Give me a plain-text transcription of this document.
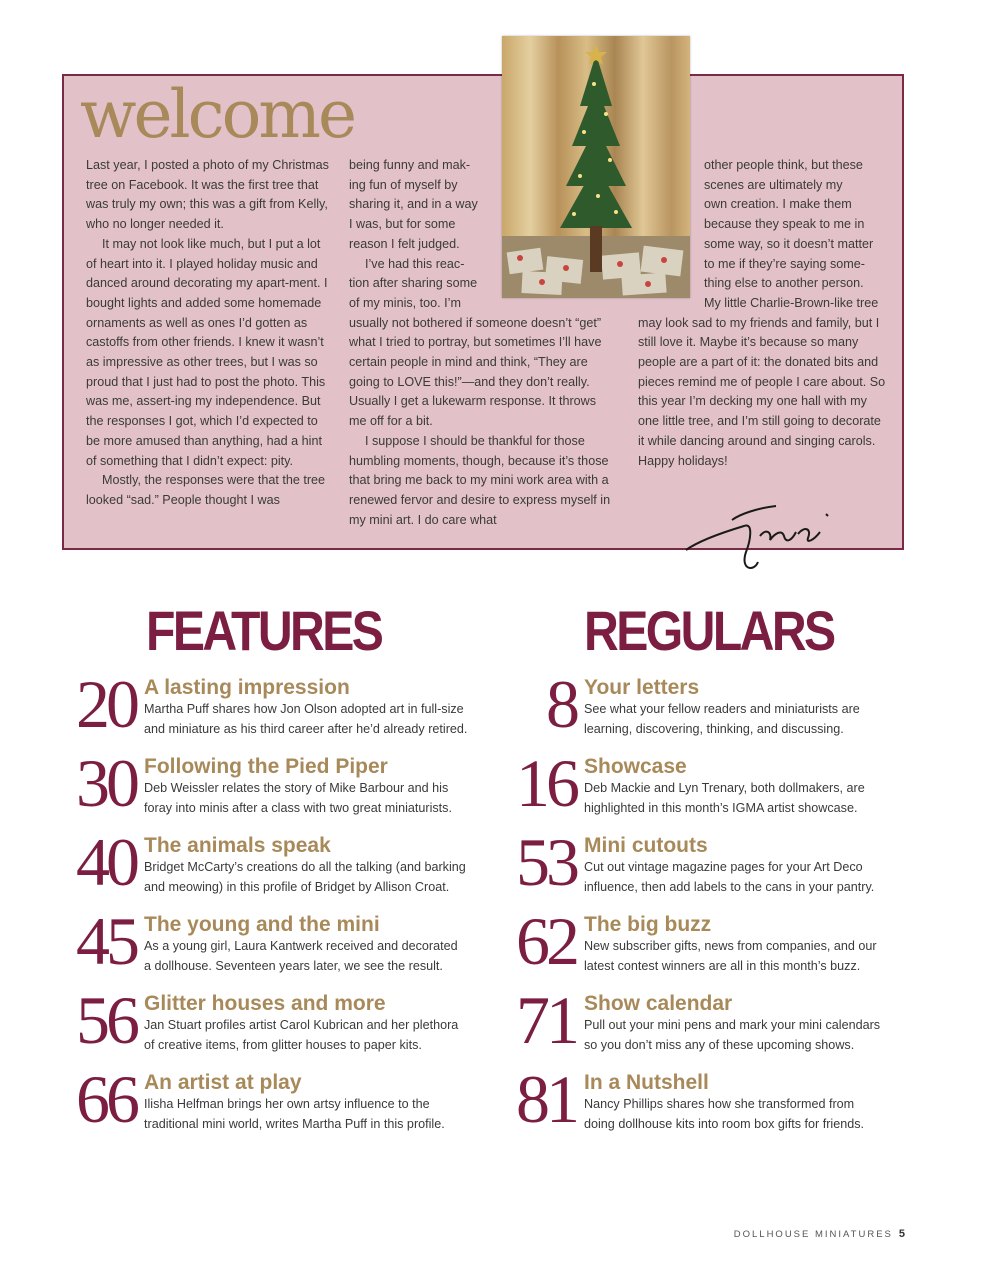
welcome

Last year, I posted a photo of my Christmas tree on Facebook. It was the first tree that was truly my own; this was a gift from Kelly, who no longer needed it.

It may not look like much, but I put a lot of heart into it. I played holiday music and danced around decorating my apart-ment. I bought lights and added some homemade ornaments as well as ones I’d gotten as castoffs from other friends. I knew it wasn’t as impressive as other trees, but I was so proud that I just had to post the photo. This was me, assert-ing my independence. But the responses I got, which I’d expected to be more amused than anything, had a hint of something that I didn’t expect: pity.

Mostly, the responses were that the tree looked “sad.” People thought I was

being funny and mak-
ing fun of myself by
sharing it, and in a way
I was, but for some
reason I felt judged.
I’ve had this reac-
tion after sharing some
of my minis, too. I’m

usually not bothered if someone doesn’t “get” what I tried to portray, but sometimes I’ll have certain people in mind and think, “They are going to LOVE this!”—and they don’t really. Usually I get a lukewarm response. It throws me off for a bit.

I suppose I should be thankful for those humbling moments, though, because it’s those that bring me back to my mini work area with a renewed fervor and desire to express myself in my mini art. I do care what

other people think, but these
scenes are ultimately my
own creation. I make them
because they speak to me in
some way, so it doesn’t matter
to me if they’re saying some-
thing else to another person.
My little Charlie-Brown-like tree

may look sad to my friends and family, but I still love it. Maybe it’s because so many people are a part of it: the donated bits and pieces remind me of people I care about. So this year I’m decking my one hall with my one little tree, and I’m still going to decorate it while dancing around and singing carols. Happy holidays!

FEATURES	REGULARS
20 A lasting impression
Martha Puff shares how Jon Olson adopted art in full-size
and miniature as his third career after he’d already retired.
30 Following the Pied Piper
Deb Weissler relates the story of Mike Barbour and his
foray into minis after a class with two great miniaturists.
40 The animals speak
Bridget McCarty’s creations do all the talking (and barking
and meowing) in this profile of Bridget by Allison Croat.
45 The young and the mini
As a young girl, Laura Kantwerk received and decorated
a dollhouse. Seventeen years later, we see the result.
56 Glitter houses and more
Jan Stuart profiles artist Carol Kubrican and her plethora
of creative items, from glitter houses to paper kits.
66 An artist at play
Ilisha Helfman brings her own artsy influence to the
traditional mini world, writes Martha Puff in this profile.
8 Your letters
See what your fellow readers and miniaturists are
learning, discovering, thinking, and discussing.
16 Showcase
Deb Mackie and Lyn Trenary, both dollmakers, are
highlighted in this month’s IGMA artist showcase.
53 Mini cutouts
Cut out vintage magazine pages for your Art Deco
influence, then add labels to the cans in your pantry.
62 The big buzz
New subscriber gifts, news from companies, and our
latest contest winners are all in this month’s buzz.
71 Show calendar
Pull out your mini pens and mark your mini calendars
so you don’t miss any of these upcoming shows.
81 In a Nutshell
Nancy Phillips shares how she transformed from
doing dollhouse kits into room box gifts for friends.
DOLLHOUSE MINIATURES 5
